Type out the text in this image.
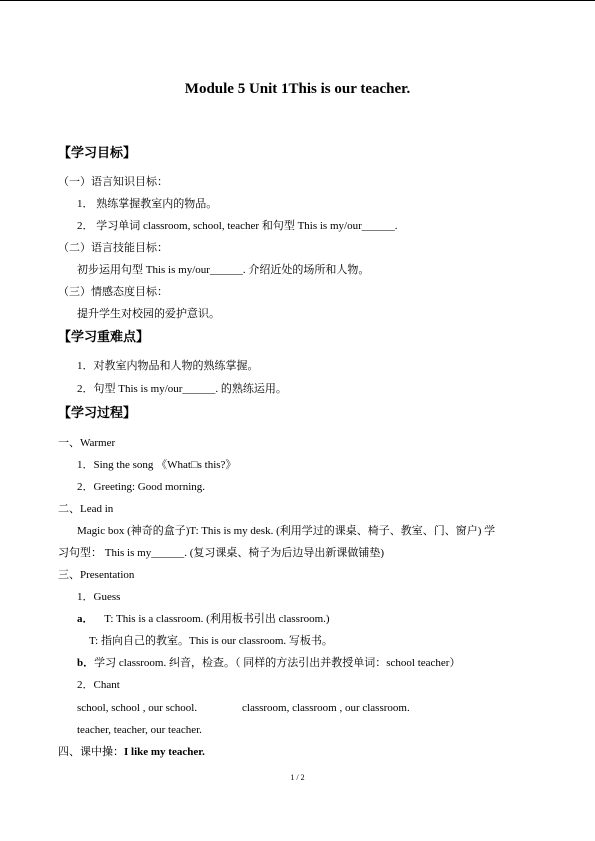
Module 5 Unit 1This is our teacher.
【学习目标】
（一）语言知识目标：
1． 熟练掌握教室内的物品。
2． 学习单词 classroom, school, teacher 和句型 This is my/our______.
（二）语言技能目标：
初步运用句型 This is my/our______. 介绍近处的场所和人物。
（三）情感态度目标：
提升学生对校园的爱护意识。
【学习重难点】
1．对教室内物品和人物的熟练掌握。
2．句型 This is my/our______. 的熟练运用。
【学习过程】
一、Warmer
1．Sing the song 《What□s this?》
2．Greeting: Good morning.
二、Lead in
Magic box (神奇的盒子)T: This is my desk. (利用学过的课桌、椅子、教室、门、窗户) 学
习句型： This is my______. (复习课桌、椅子为后边导出新课做铺垫)
三、Presentation
1．Guess
a． T: This is a classroom. (利用板书引出 classroom.)
T: 指向自己的教室。This is our classroom. 写板书。
b．学习 classroom. 纠音，检查。（ 同样的方法引出并教授单词：school teacher）
2．Chant
school, school , our school.	classroom, classroom , our classroom.
teacher, teacher, our teacher.
四、课中操：I like my teacher.
1 / 2
